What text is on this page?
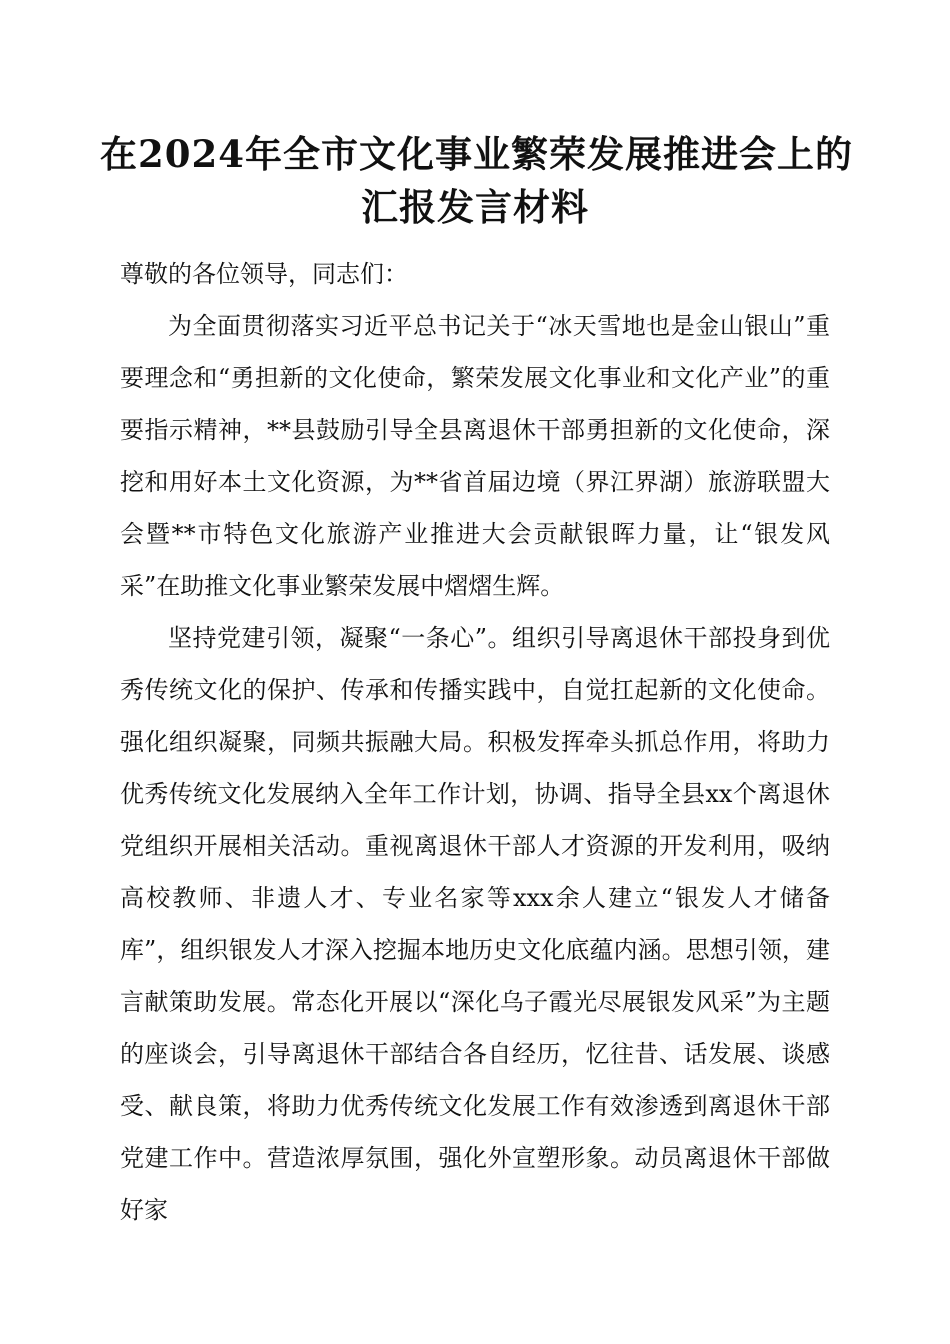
在2024年全市文化事业繁荣发展推进会上的
汇报发言材料

尊敬的各位领导，同志们：

为全面贯彻落实习近平总书记关于“冰天雪地也是金山银山”重要理念和“勇担新的文化使命，繁荣发展文化事业和文化产业”的重要指示精神，**县鼓励引导全县离退休干部勇担新的文化使命，深挖和用好本土文化资源，为**省首届边境（界江界湖）旅游联盟大会暨**市特色文化旅游产业推进大会贡献银晖力量，让“银发风采”在助推文化事业繁荣发展中熠熠生辉。

坚持党建引领，凝聚“一条心”。组织引导离退休干部投身到优秀传统文化的保护、传承和传播实践中，自觉扛起新的文化使命。强化组织凝聚，同频共振融大局。积极发挥牵头抓总作用，将助力优秀传统文化发展纳入全年工作计划，协调、指导全县xx个离退休党组织开展相关活动。重视离退休干部人才资源的开发利用，吸纳高校教师、非遗人才、专业名家等xxx余人建立“银发人才储备库”，组织银发人才深入挖掘本地历史文化底蕴内涵。思想引领，建言献策助发展。常态化开展以“深化乌子霞光尽展银发风采”为主题的座谈会，引导离退休干部结合各自经历，忆往昔、话发展、谈感受、献良策，将助力优秀传统文化发展工作有效渗透到离退休干部党建工作中。营造浓厚氛围，强化外宣塑形象。动员离退休干部做好家
